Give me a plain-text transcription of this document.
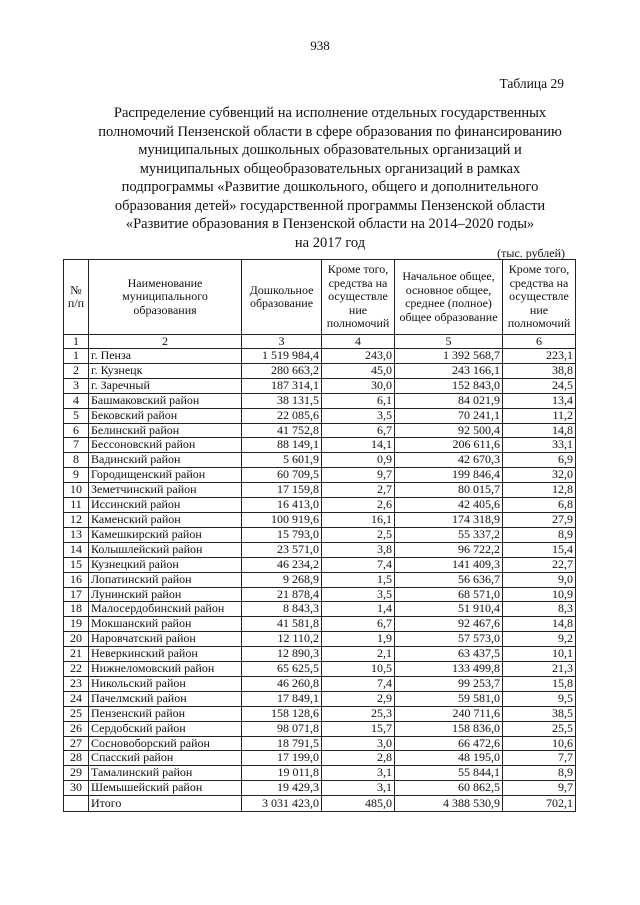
938
Таблица 29
Распределение субвенций на исполнение отдельных государственных
полномочий Пензенской области в сфере образования по финансированию
муниципальных дошкольных образовательных организаций и
муниципальных общеобразовательных организаций в рамках
подпрограммы «Развитие дошкольного, общего и дополнительного
образования детей» государственной программы Пензенской области
«Развитие образования в Пензенской области на 2014–2020 годы»
на 2017 год
(тыс. рублей)
№ п/п	Наименование муниципального образования	Дошкольное образование	Кроме того, средства на осуществле ние полномочий	Начальное общее, основное общее, среднее (полное) общее образование	Кроме того, средства на осуществле ние полномочий
1	2	3	4	5	6
1	г. Пенза	1 519 984,4	243,0	1 392 568,7	223,1
2	г. Кузнецк	280 663,2	45,0	243 166,1	38,8
3	г. Заречный	187 314,1	30,0	152 843,0	24,5
4	Башмаковский район	38 131,5	6,1	84 021,9	13,4
5	Бековский район	22 085,6	3,5	70 241,1	11,2
6	Белинский район	41 752,8	6,7	92 500,4	14,8
7	Бессоновский район	88 149,1	14,1	206 611,6	33,1
8	Вадинский район	5 601,9	0,9	42 670,3	6,9
9	Городищенский район	60 709,5	9,7	199 846,4	32,0
10	Земетчинский район	17 159,8	2,7	80 015,7	12,8
11	Иссинский район	16 413,0	2,6	42 405,6	6,8
12	Каменский район	100 919,6	16,1	174 318,9	27,9
13	Камешкирский район	15 793,0	2,5	55 337,2	8,9
14	Колышлейский район	23 571,0	3,8	96 722,2	15,4
15	Кузнецкий район	46 234,2	7,4	141 409,3	22,7
16	Лопатинский район	9 268,9	1,5	56 636,7	9,0
17	Лунинский район	21 878,4	3,5	68 571,0	10,9
18	Малосердобинский район	8 843,3	1,4	51 910,4	8,3
19	Мокшанский район	41 581,8	6,7	92 467,6	14,8
20	Наровчатский район	12 110,2	1,9	57 573,0	9,2
21	Неверкинский район	12 890,3	2,1	63 437,5	10,1
22	Нижнеломовский район	65 625,5	10,5	133 499,8	21,3
23	Никольский район	46 260,8	7,4	99 253,7	15,8
24	Пачелмский район	17 849,1	2,9	59 581,0	9,5
25	Пензенский район	158 128,6	25,3	240 711,6	38,5
26	Сердобский район	98 071,8	15,7	158 836,0	25,5
27	Сосновоборский район	18 791,5	3,0	66 472,6	10,6
28	Спасский район	17 199,0	2,8	48 195,0	7,7
29	Тамалинский район	19 011,8	3,1	55 844,1	8,9
30	Шемышейский район	19 429,3	3,1	60 862,5	9,7
	Итого	3 031 423,0	485,0	4 388 530,9	702,1
